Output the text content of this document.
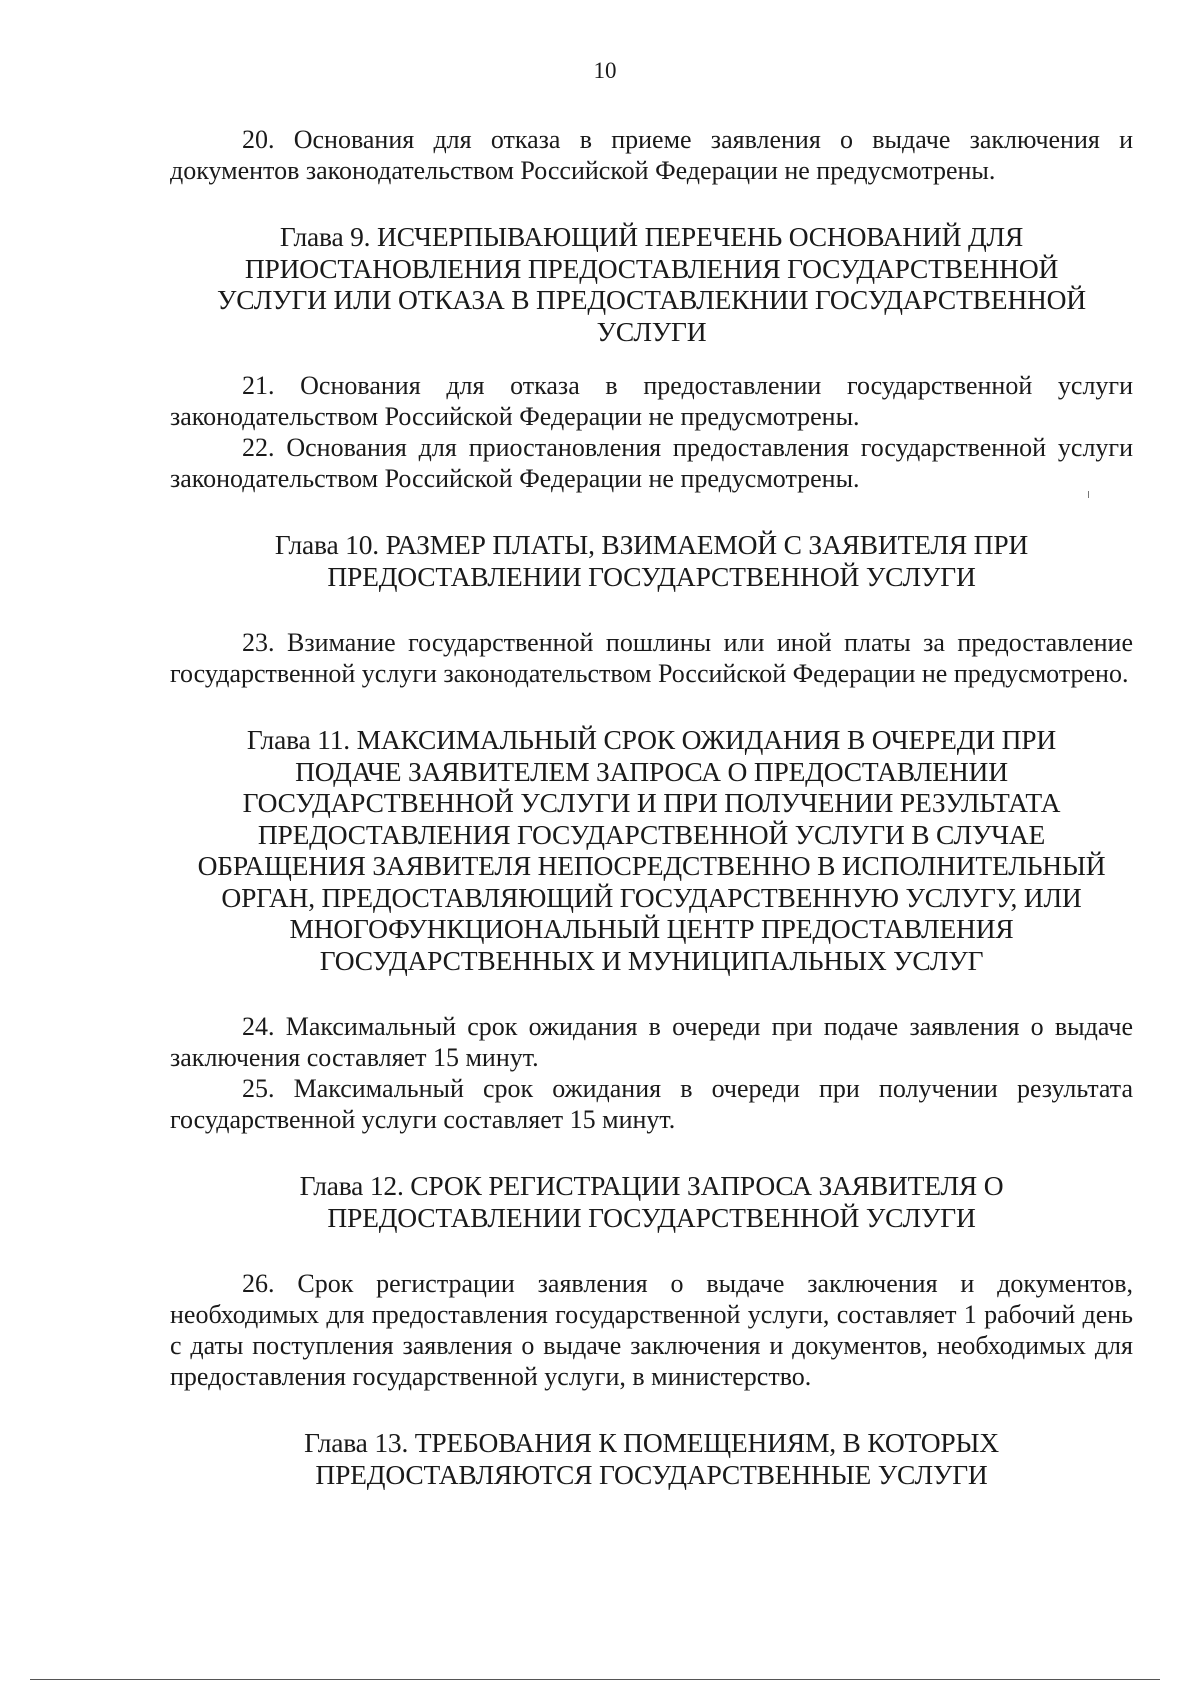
10

20. Основания для отказа в приеме заявления о выдаче заключения и документов законодательством Российской Федерации не предусмотрены.

Глава 9. ИСЧЕРПЫВАЮЩИЙ ПЕРЕЧЕНЬ ОСНОВАНИЙ ДЛЯ
ПРИОСТАНОВЛЕНИЯ ПРЕДОСТАВЛЕНИЯ ГОСУДАРСТВЕННОЙ
УСЛУГИ ИЛИ ОТКАЗА В ПРЕДОСТАВЛЕКНИИ ГОСУДАРСТВЕННОЙ
УСЛУГИ

21. Основания для отказа в предоставлении государственной услуги законодательством Российской Федерации не предусмотрены.

22. Основания для приостановления предоставления государственной услуги законодательством Российской Федерации не предусмотрены.

Глава 10. РАЗМЕР ПЛАТЫ, ВЗИМАЕМОЙ С ЗАЯВИТЕЛЯ ПРИ
ПРЕДОСТАВЛЕНИИ ГОСУДАРСТВЕННОЙ УСЛУГИ

23. Взимание государственной пошлины или иной платы за предоставление государственной услуги законодательством Российской Федерации не предусмотрено.

Глава 11. МАКСИМАЛЬНЫЙ СРОК ОЖИДАНИЯ В ОЧЕРЕДИ ПРИ
ПОДАЧЕ ЗАЯВИТЕЛЕМ ЗАПРОСА О ПРЕДОСТАВЛЕНИИ
ГОСУДАРСТВЕННОЙ УСЛУГИ И ПРИ ПОЛУЧЕНИИ РЕЗУЛЬТАТА
ПРЕДОСТАВЛЕНИЯ ГОСУДАРСТВЕННОЙ УСЛУГИ В СЛУЧАЕ
ОБРАЩЕНИЯ ЗАЯВИТЕЛЯ НЕПОСРЕДСТВЕННО В ИСПОЛНИТЕЛЬНЫЙ
ОРГАН, ПРЕДОСТАВЛЯЮЩИЙ ГОСУДАРСТВЕННУЮ УСЛУГУ, ИЛИ
МНОГОФУНКЦИОНАЛЬНЫЙ ЦЕНТР ПРЕДОСТАВЛЕНИЯ
ГОСУДАРСТВЕННЫХ И МУНИЦИПАЛЬНЫХ УСЛУГ

24. Максимальный срок ожидания в очереди при подаче заявления о выдаче заключения составляет 15 минут.

25. Максимальный срок ожидания в очереди при получении результата государственной услуги составляет 15 минут.

Глава 12. СРОК РЕГИСТРАЦИИ ЗАПРОСА ЗАЯВИТЕЛЯ О
ПРЕДОСТАВЛЕНИИ ГОСУДАРСТВЕННОЙ УСЛУГИ

26. Срок регистрации заявления о выдаче заключения и документов, необходимых для предоставления государственной услуги, составляет 1 рабочий день с даты поступления заявления о выдаче заключения и документов, необходимых для предоставления государственной услуги, в министерство.

Глава 13. ТРЕБОВАНИЯ К ПОМЕЩЕНИЯМ, В КОТОРЫХ
ПРЕДОСТАВЛЯЮТСЯ ГОСУДАРСТВЕННЫЕ УСЛУГИ
